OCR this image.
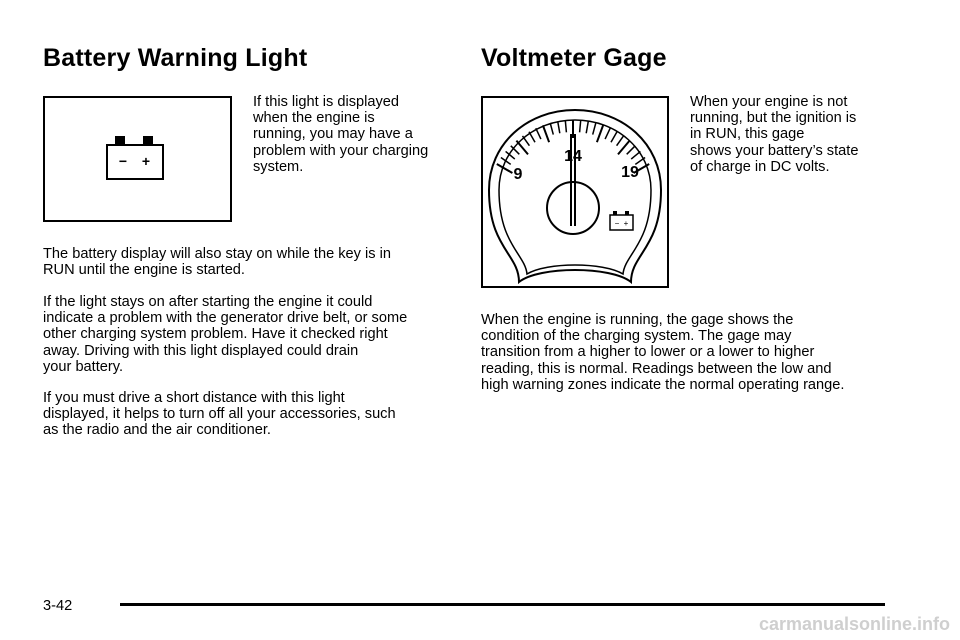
Battery Warning Light	Voltmeter Gage
− +

If this light is displayed
when the engine is
running, you may have a
problem with your charging
system.

The battery display will also stay on while the key is in
RUN until the engine is started.

If the light stays on after starting the engine it could
indicate a problem with the generator drive belt, or some
other charging system problem. Have it checked right
away. Driving with this light displayed could drain
your battery.

If you must drive a short distance with this light
displayed, it helps to turn off all your accessories, such
as the radio and the air conditioner.

9
14
19
− +

When your engine is not
running, but the ignition is
in RUN, this gage
shows your battery’s state
of charge in DC volts.

When the engine is running, the gage shows the
condition of the charging system. The gage may
transition from a higher to lower or a lower to higher
reading, this is normal. Readings between the low and
high warning zones indicate the normal operating range.

3-42
carmanualsonline.info
